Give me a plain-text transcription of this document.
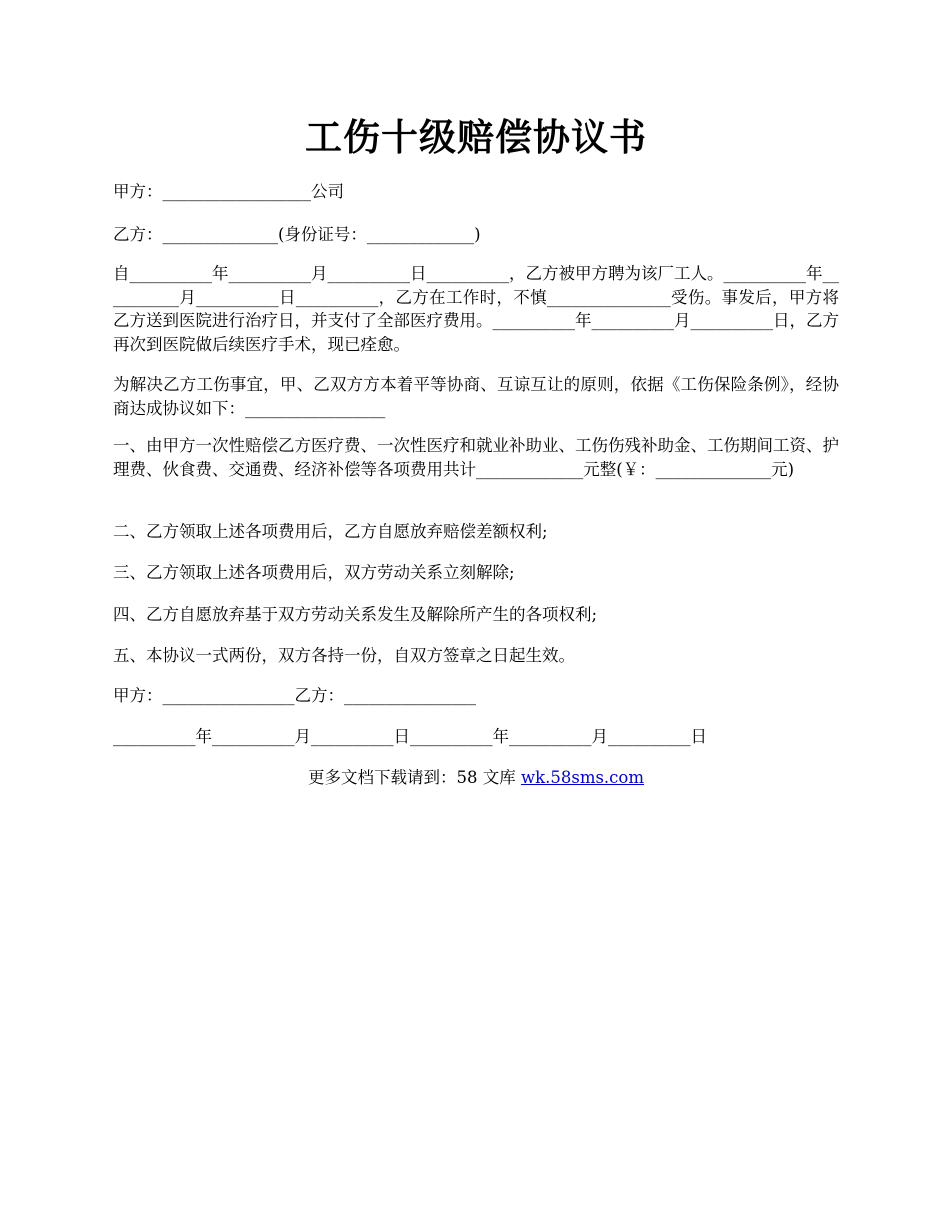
工伤十级赔偿协议书
甲方：__________________公司
乙方：______________(身份证号：_____________)
自__________年__________月__________日__________，乙方被甲方聘为该厂工人。__________年__________月__________日__________，乙方在工作时，不慎_______________受伤。事发后，甲方将乙方送到医院进行治疗日，并支付了全部医疗费用。__________年__________月__________日，乙方再次到医院做后续医疗手术，现已痊愈。
为解决乙方工伤事宜，甲、乙双方方本着平等协商、互谅互让的原则，依据《工伤保险条例》，经协商达成协议如下：_________________
一、由甲方一次性赔偿乙方医疗费、一次性医疗和就业补助业、工伤伤残补助金、工伤期间工资、护理费、伙食费、交通费、经济补偿等各项费用共计_____________元整(￥：______________元)
二、乙方领取上述各项费用后，乙方自愿放弃赔偿差额权利;
三、乙方领取上述各项费用后，双方劳动关系立刻解除;
四、乙方自愿放弃基于双方劳动关系发生及解除所产生的各项权利;
五、本协议一式两份，双方各持一份，自双方签章之日起生效。
甲方：________________乙方：________________
__________年__________月__________日__________年__________月__________日
更多文档下载请到：58 文库 wk.58sms.com
